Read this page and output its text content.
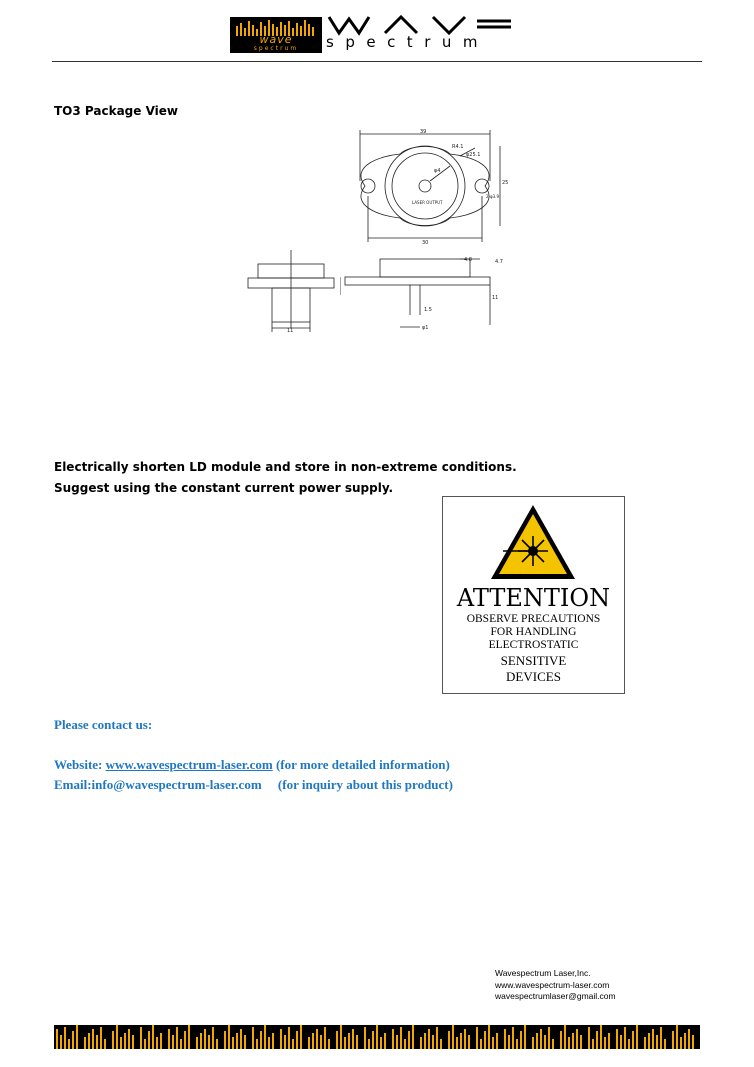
wave
spectrum	spectrum
TO3 Package View
39
R4.1
φ25.1
φ4
LASER OUTPUT
30
25
2-φ3.9
11
4.8	4.7
1.5
11
φ1
Electrically shorten LD module and store in non-extreme conditions.
Suggest using the constant current power supply.
ATTENTION
OBSERVE PRECAUTIONS
FOR HANDLING
ELECTROSTATIC
SENSITIVE
DEVICES
Please contact us:
Website: www.wavespectrum-laser.com (for more detailed information)
Email:info@wavespectrum-laser.com     (for inquiry about this product)
Wavespectrum Laser,Inc.
www.wavespectrum-laser.com
wavespectrumlaser@gmail.com
